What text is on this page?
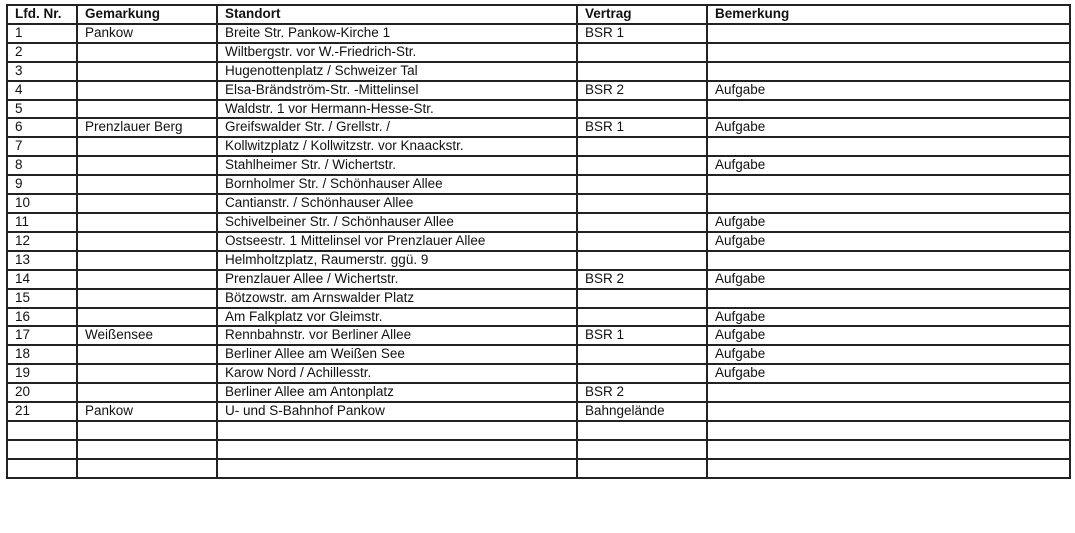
Lfd. Nr.	Gemarkung	Standort	Vertrag	Bemerkung
1	Pankow	Breite Str. Pankow-Kirche 1	BSR 1	
2		Wiltbergstr. vor W.-Friedrich-Str.		
3		Hugenottenplatz / Schweizer Tal		
4		Elsa-Brändström-Str. -Mittelinsel	BSR 2	Aufgabe
5		Waldstr. 1 vor Hermann-Hesse-Str.		
6	Prenzlauer Berg	Greifswalder Str. / Grellstr. /	BSR 1	Aufgabe
7		Kollwitzplatz / Kollwitzstr. vor Knaackstr.		
8		Stahlheimer Str. / Wichertstr.		Aufgabe
9		Bornholmer Str. / Schönhauser Allee		
10		Cantianstr. / Schönhauser Allee		
11		Schivelbeiner Str. / Schönhauser Allee		Aufgabe
12		Ostseestr. 1 Mittelinsel vor Prenzlauer Allee		Aufgabe
13		Helmholtzplatz, Raumerstr. ggü. 9		
14		Prenzlauer Allee / Wichertstr.	BSR 2	Aufgabe
15		Bötzowstr. am Arnswalder Platz		
16		Am Falkplatz vor Gleimstr.		Aufgabe
17	Weißensee	Rennbahnstr. vor Berliner Allee	BSR 1	Aufgabe
18		Berliner Allee am Weißen See		Aufgabe
19		Karow Nord / Achillesstr.		Aufgabe
20		Berliner Allee am Antonplatz	BSR 2	
21	Pankow	U- und S-Bahnhof Pankow	Bahngelände	
